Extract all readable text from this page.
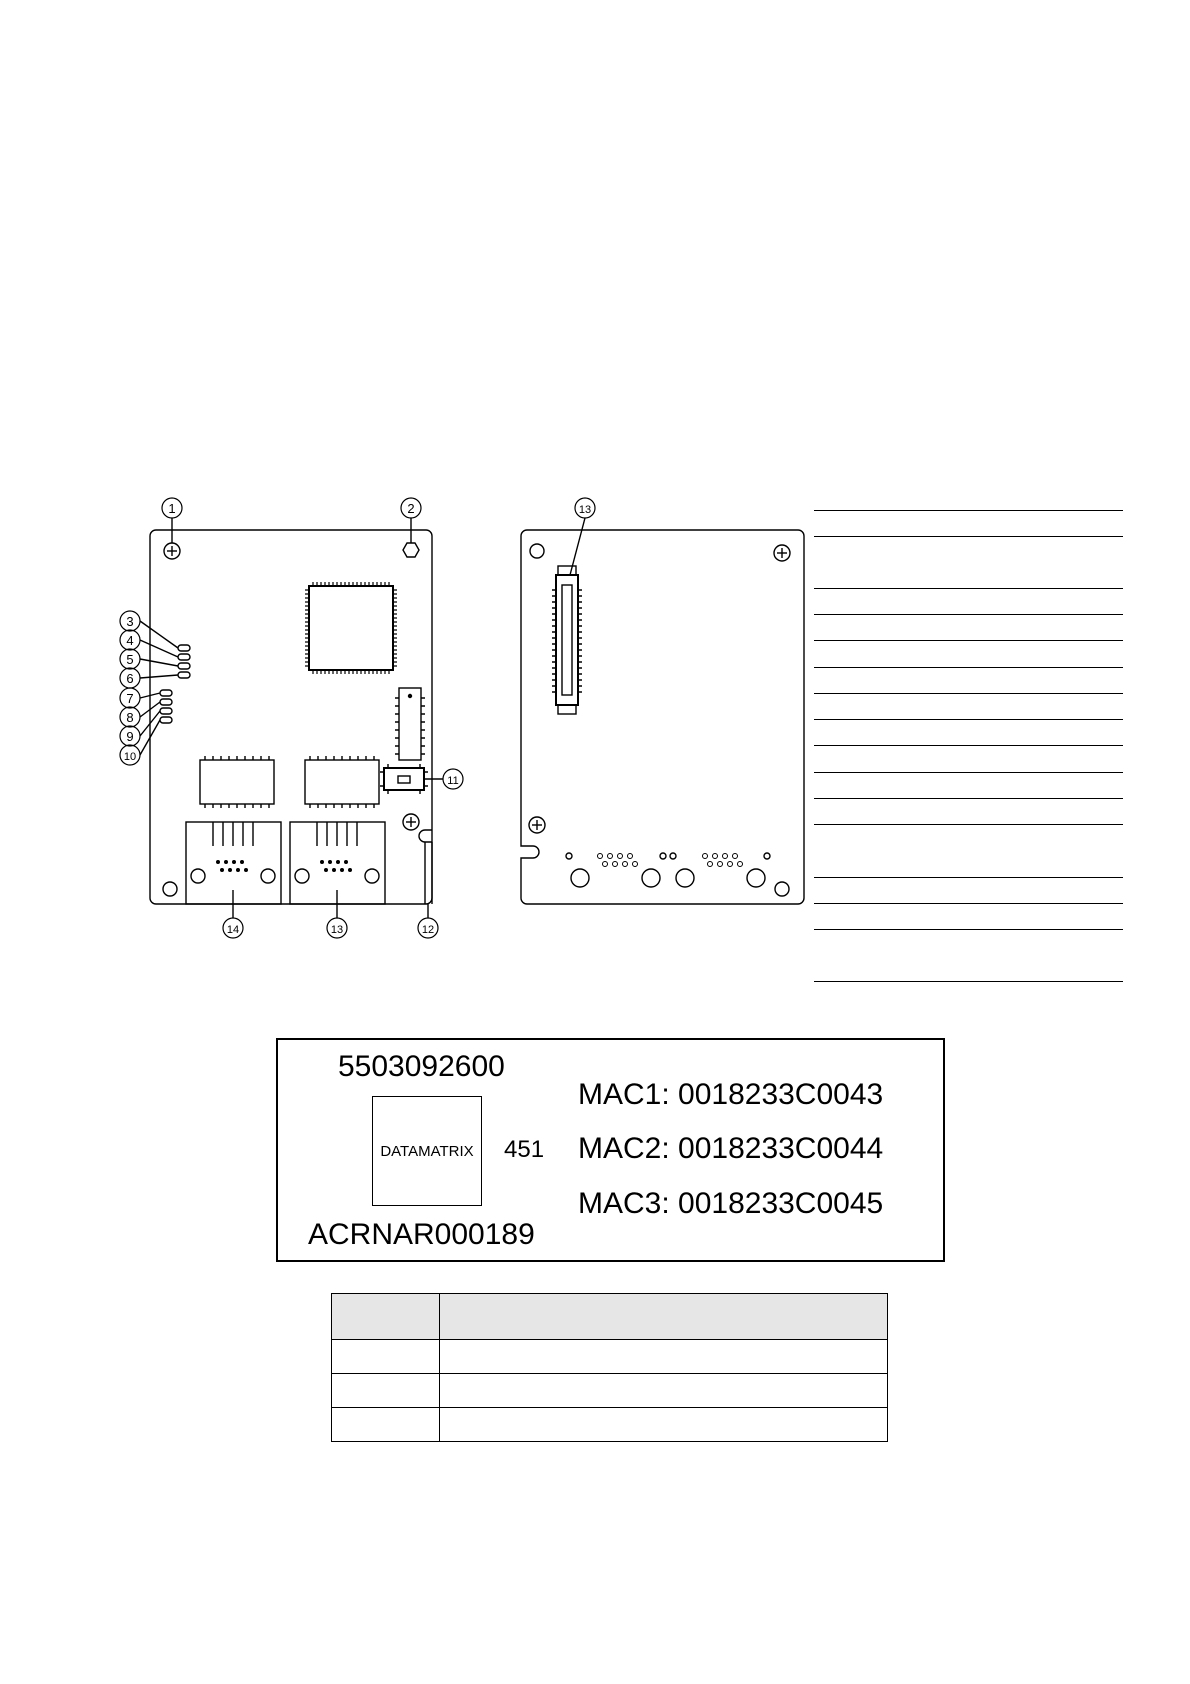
1	2
3
4
5
6
7
8
9
10
11
12
13
14
13
5503092600
DATAMATRIX 451
ACRNAR000189
MAC1: 0018233C0043
MAC2: 0018233C0044
MAC3: 0018233C0045
